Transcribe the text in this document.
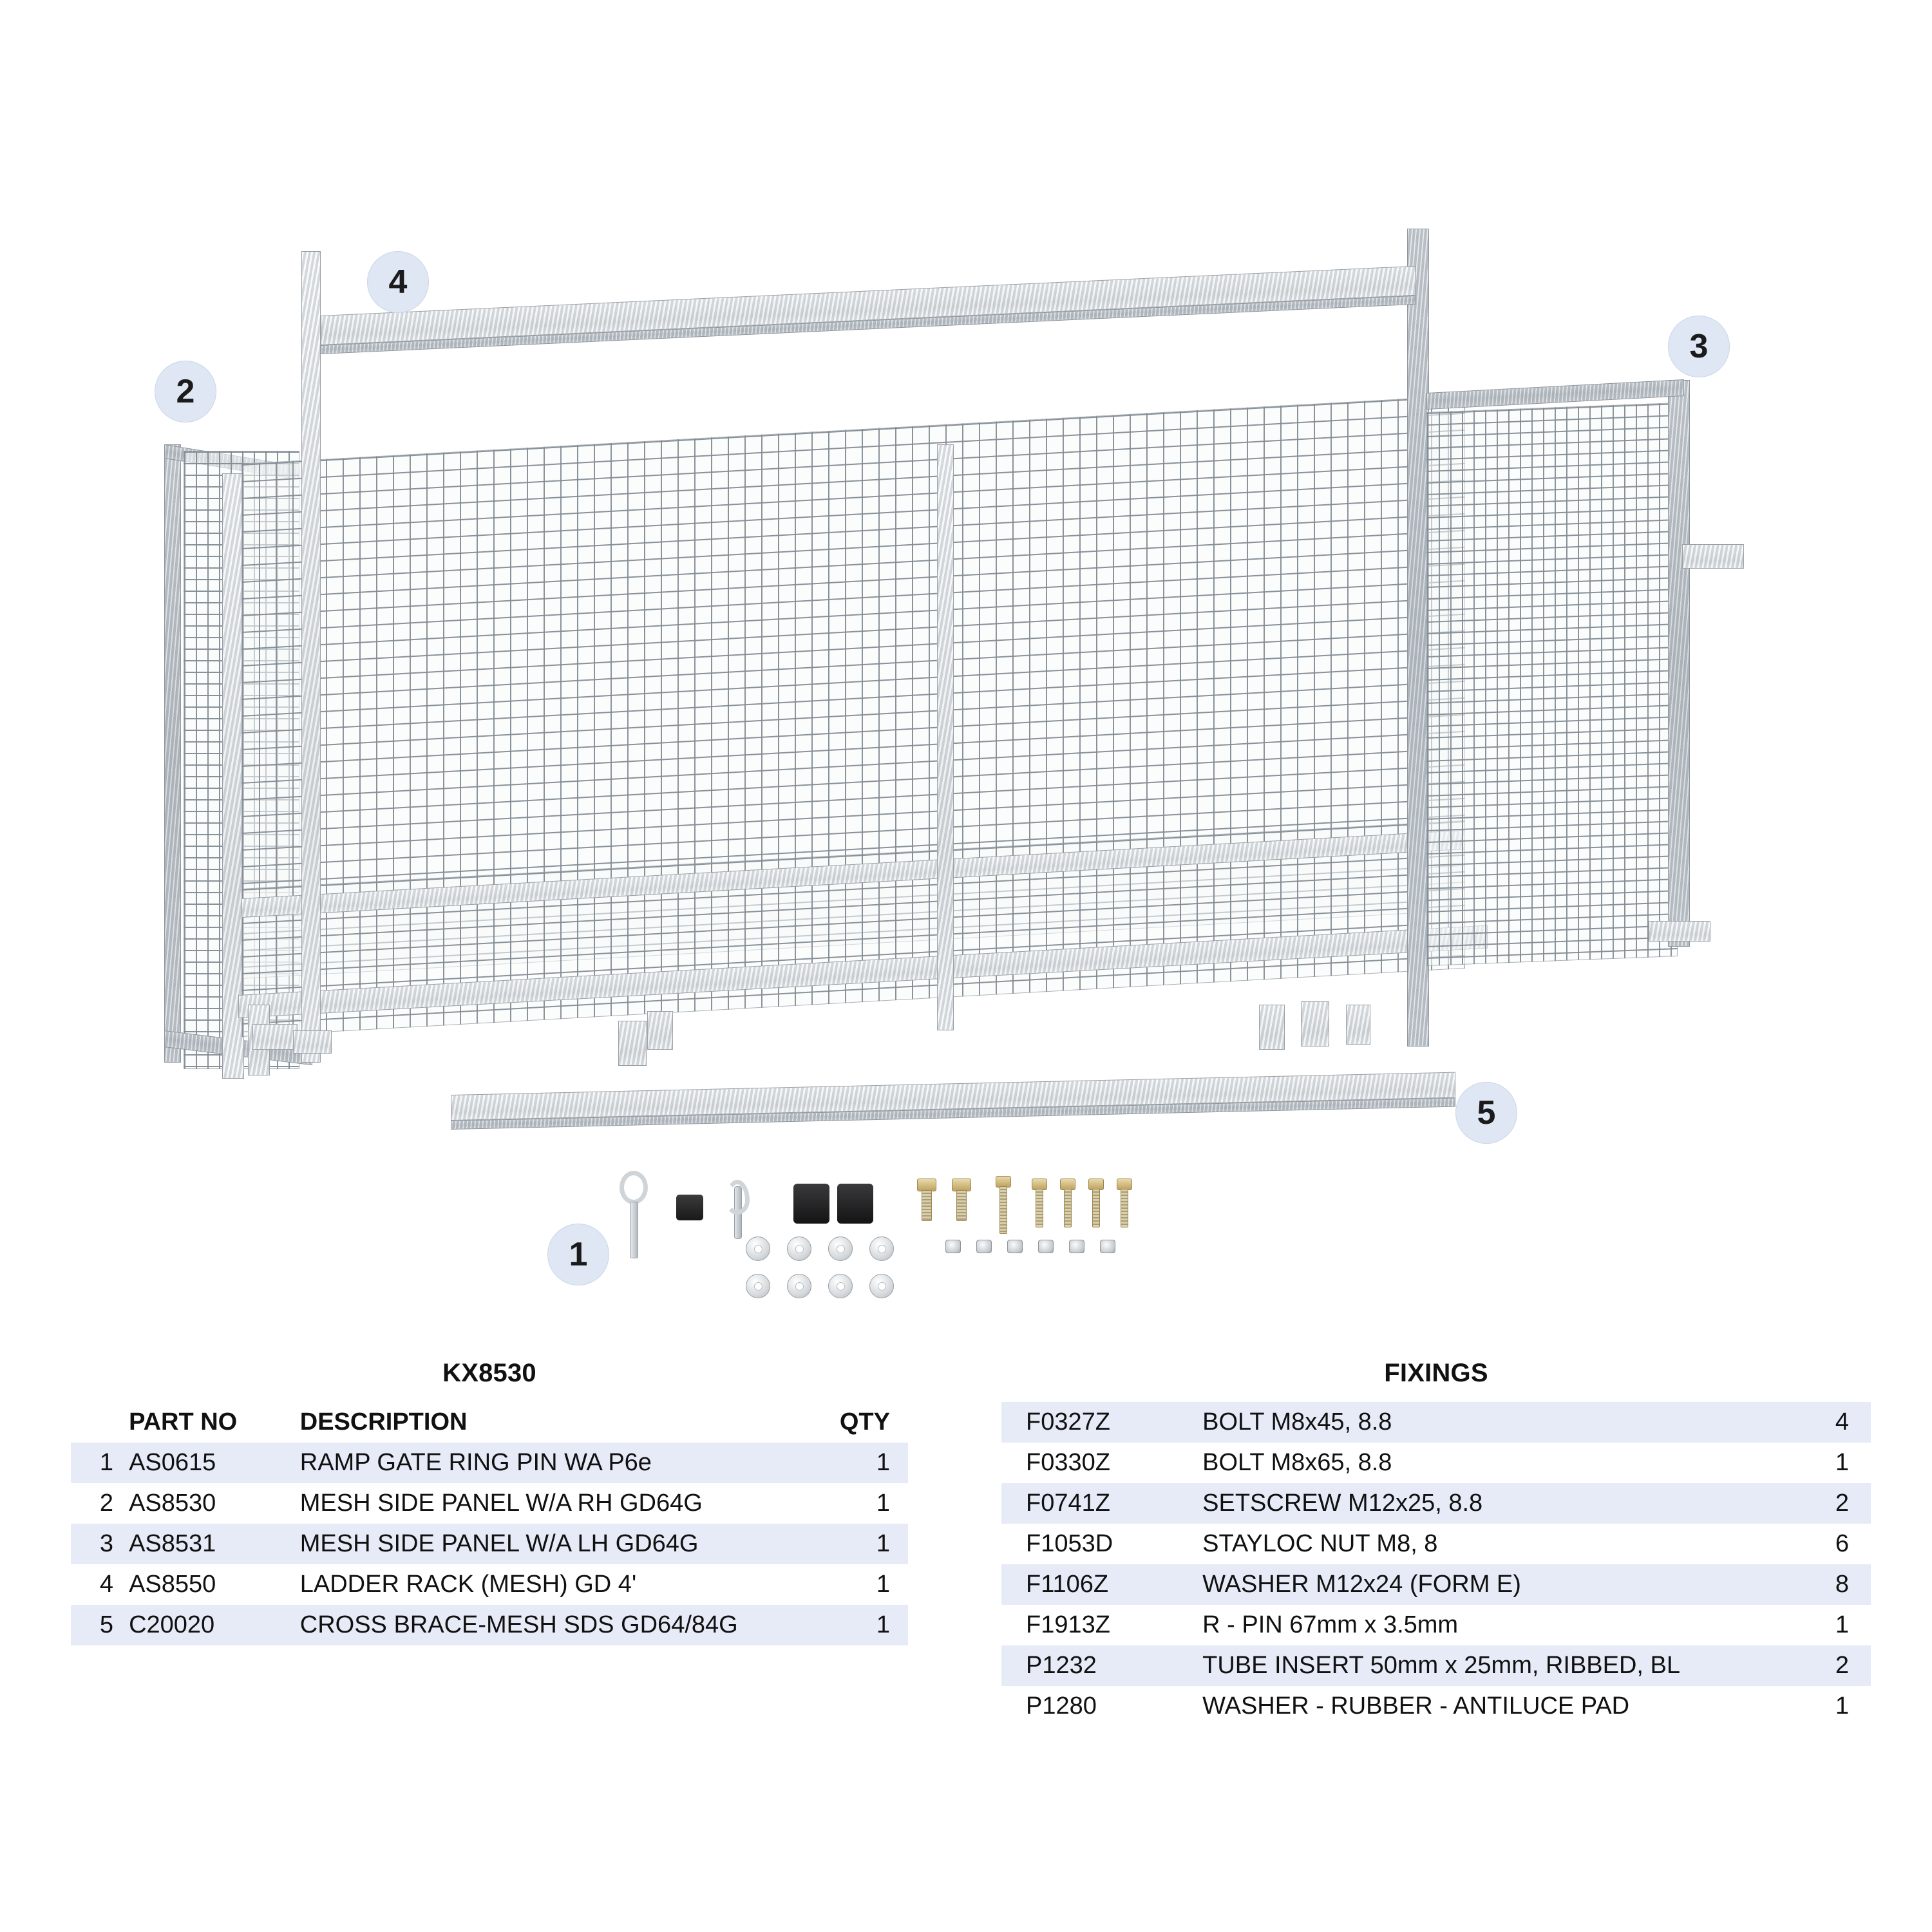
2
4
3
5
1
KX8530
	PART NO	DESCRIPTION	QTY
1	AS0615	RAMP GATE RING PIN WA P6e	1
2	AS8530	MESH SIDE PANEL W/A RH GD64G	1
3	AS8531	MESH SIDE PANEL W/A LH GD64G	1
4	AS8550	LADDER RACK (MESH) GD 4'	1
5	C20020	CROSS BRACE-MESH SDS GD64/84G	1
FIXINGS
F0327Z	BOLT M8x45, 8.8	4
F0330Z	BOLT M8x65, 8.8	1
F0741Z	SETSCREW M12x25, 8.8	2
F1053D	STAYLOC NUT M8, 8	6
F1106Z	WASHER M12x24 (FORM E)	8
F1913Z	R - PIN 67mm x 3.5mm	1
P1232	TUBE INSERT 50mm x 25mm, RIBBED, BL	2
P1280	WASHER - RUBBER - ANTILUCE PAD	1
